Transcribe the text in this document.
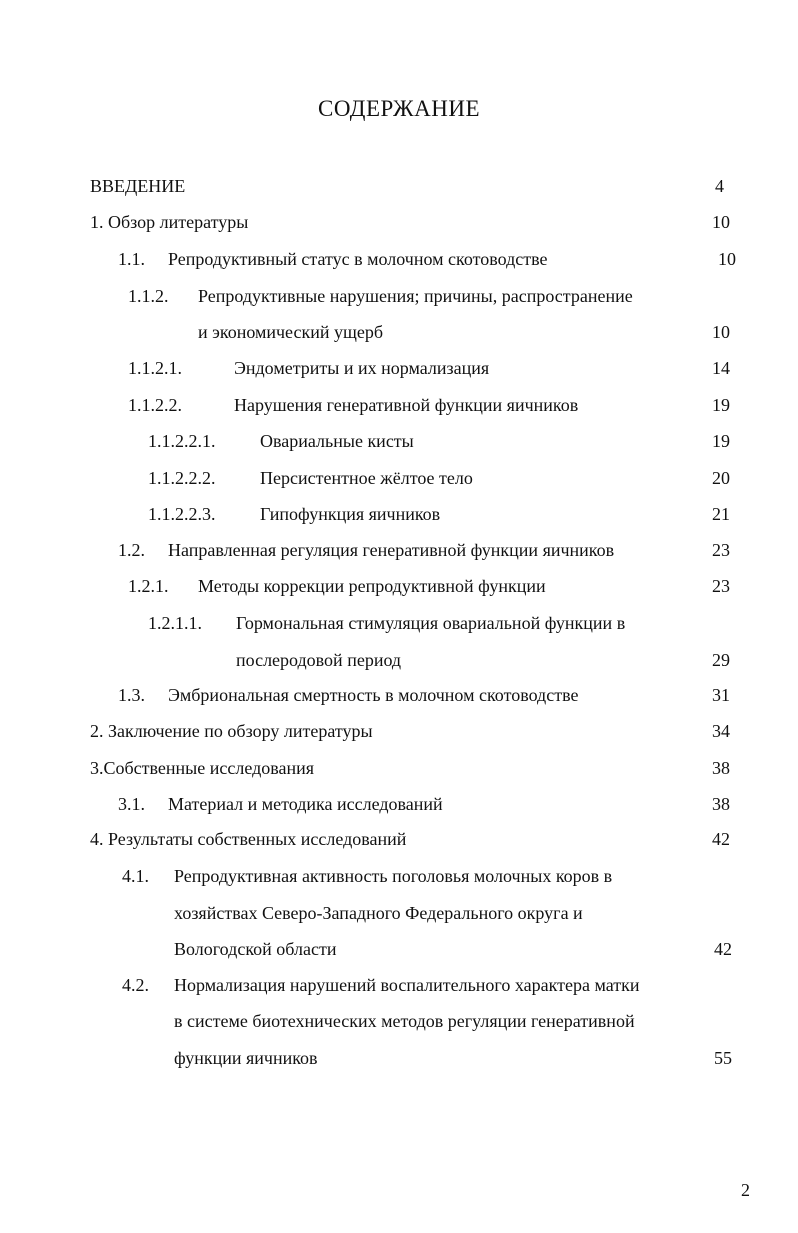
СОДЕРЖАНИЕ
ВВЕДЕНИЕ	4
1. Обзор литературы	10
1.1. Репродуктивный статус в молочном скотоводстве	10
1.1.2. Репродуктивные нарушения; причины, распространение
и экономический ущерб	10
1.1.2.1.	Эндометриты и их нормализация	14
1.1.2.2.	Нарушения генеративной функции яичников	19
1.1.2.2.1. Овариальные кисты	19
1.1.2.2.2. Персистентное жёлтое тело	20
1.1.2.2.3. Гипофункция яичников	21
1.2. Направленная регуляция генеративной функции яичников	23
1.2.1. Методы коррекции репродуктивной функции	23
1.2.1.1. Гормональная стимуляция овариальной функции в
послеродовой период	29
1.3. Эмбриональная смертность в молочном скотоводстве	31
2. Заключение по обзору литературы	34
3.Собственные исследования	38
3.1. Материал и методика исследований	38
4. Результаты собственных исследований	42
4.1. Репродуктивная активность поголовья молочных коров в
хозяйствах Северо-Западного Федерального округа и
Вологодской области	42
4.2. Нормализация нарушений воспалительного характера матки
в системе биотехнических методов регуляции генеративной
функции яичников	55
2
